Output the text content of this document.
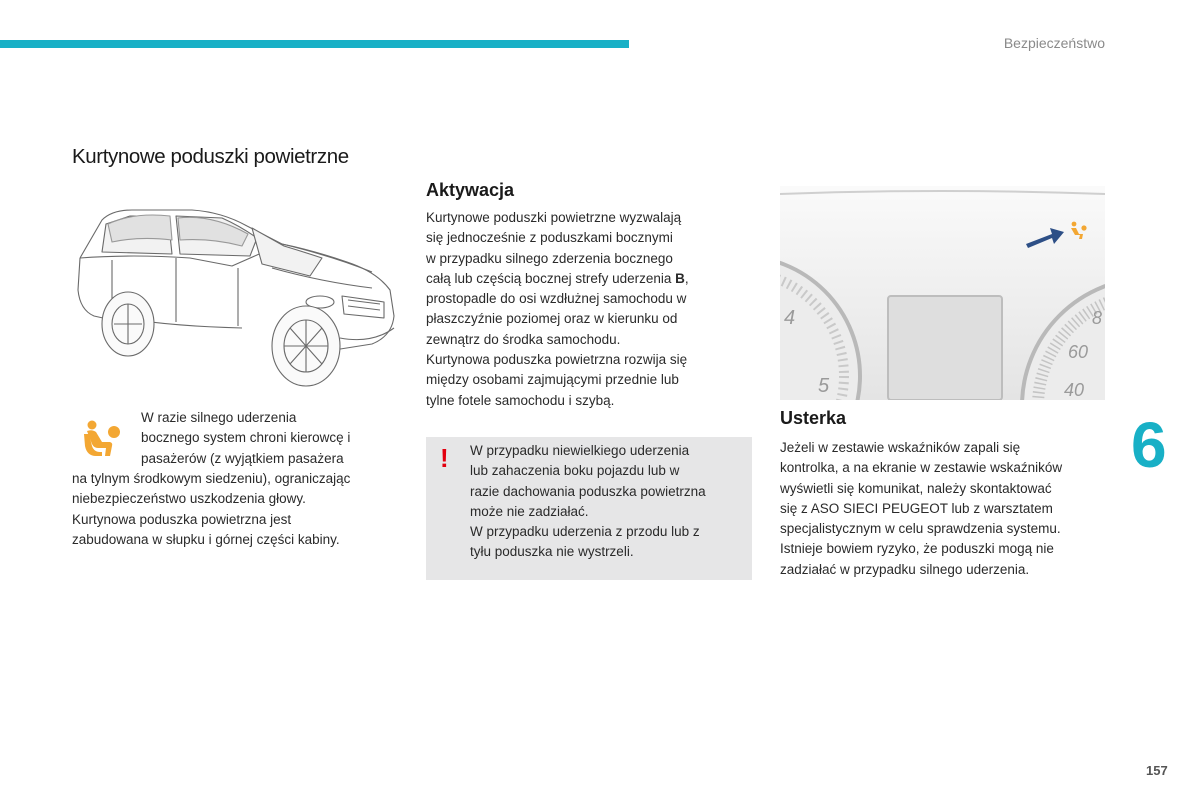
Bezpieczeństwo
Kurtynowe poduszki powietrzne

W razie silnego uderzenia
bocznego system chroni kierowcę i
pasażerów (z wyjątkiem pasażera

na tylnym środkowym siedzeniu), ograniczając
niebezpieczeństwo uszkodzenia głowy.
Kurtynowa poduszka powietrzna jest
zabudowana w słupku i górnej części kabiny.

Aktywacja

Kurtynowe poduszki powietrzne wyzwalają
się jednocześnie z poduszkami bocznymi
w przypadku silnego zderzenia bocznego
całą lub częścią bocznej strefy uderzenia B,
prostopadle do osi wzdłużnej samochodu w
płaszczyźnie poziomej oraz w kierunku od
zewnątrz do środka samochodu.
Kurtynowa poduszka powietrzna rozwija się
między osobami zajmującymi przednie lub
tylne fotele samochodu i szybą.

! W przypadku niewielkiego uderzenia
lub zahaczenia boku pojazdu lub w
razie dachowania poduszka powietrzna
może nie zadziałać.
W przypadku uderzenia z przodu lub z
tyłu poduszka nie wystrzeli.

4
5
8
60
40
Usterka

Jeżeli w zestawie wskaźników zapali się
kontrolka, a na ekranie w zestawie wskaźników
wyświetli się komunikat, należy skontaktować
się z ASO SIECI PEUGEOT lub z warsztatem
specjalistycznym w celu sprawdzenia systemu.
Istnieje bowiem ryzyko, że poduszki mogą nie
zadziałać w przypadku silnego uderzenia.

6
157
